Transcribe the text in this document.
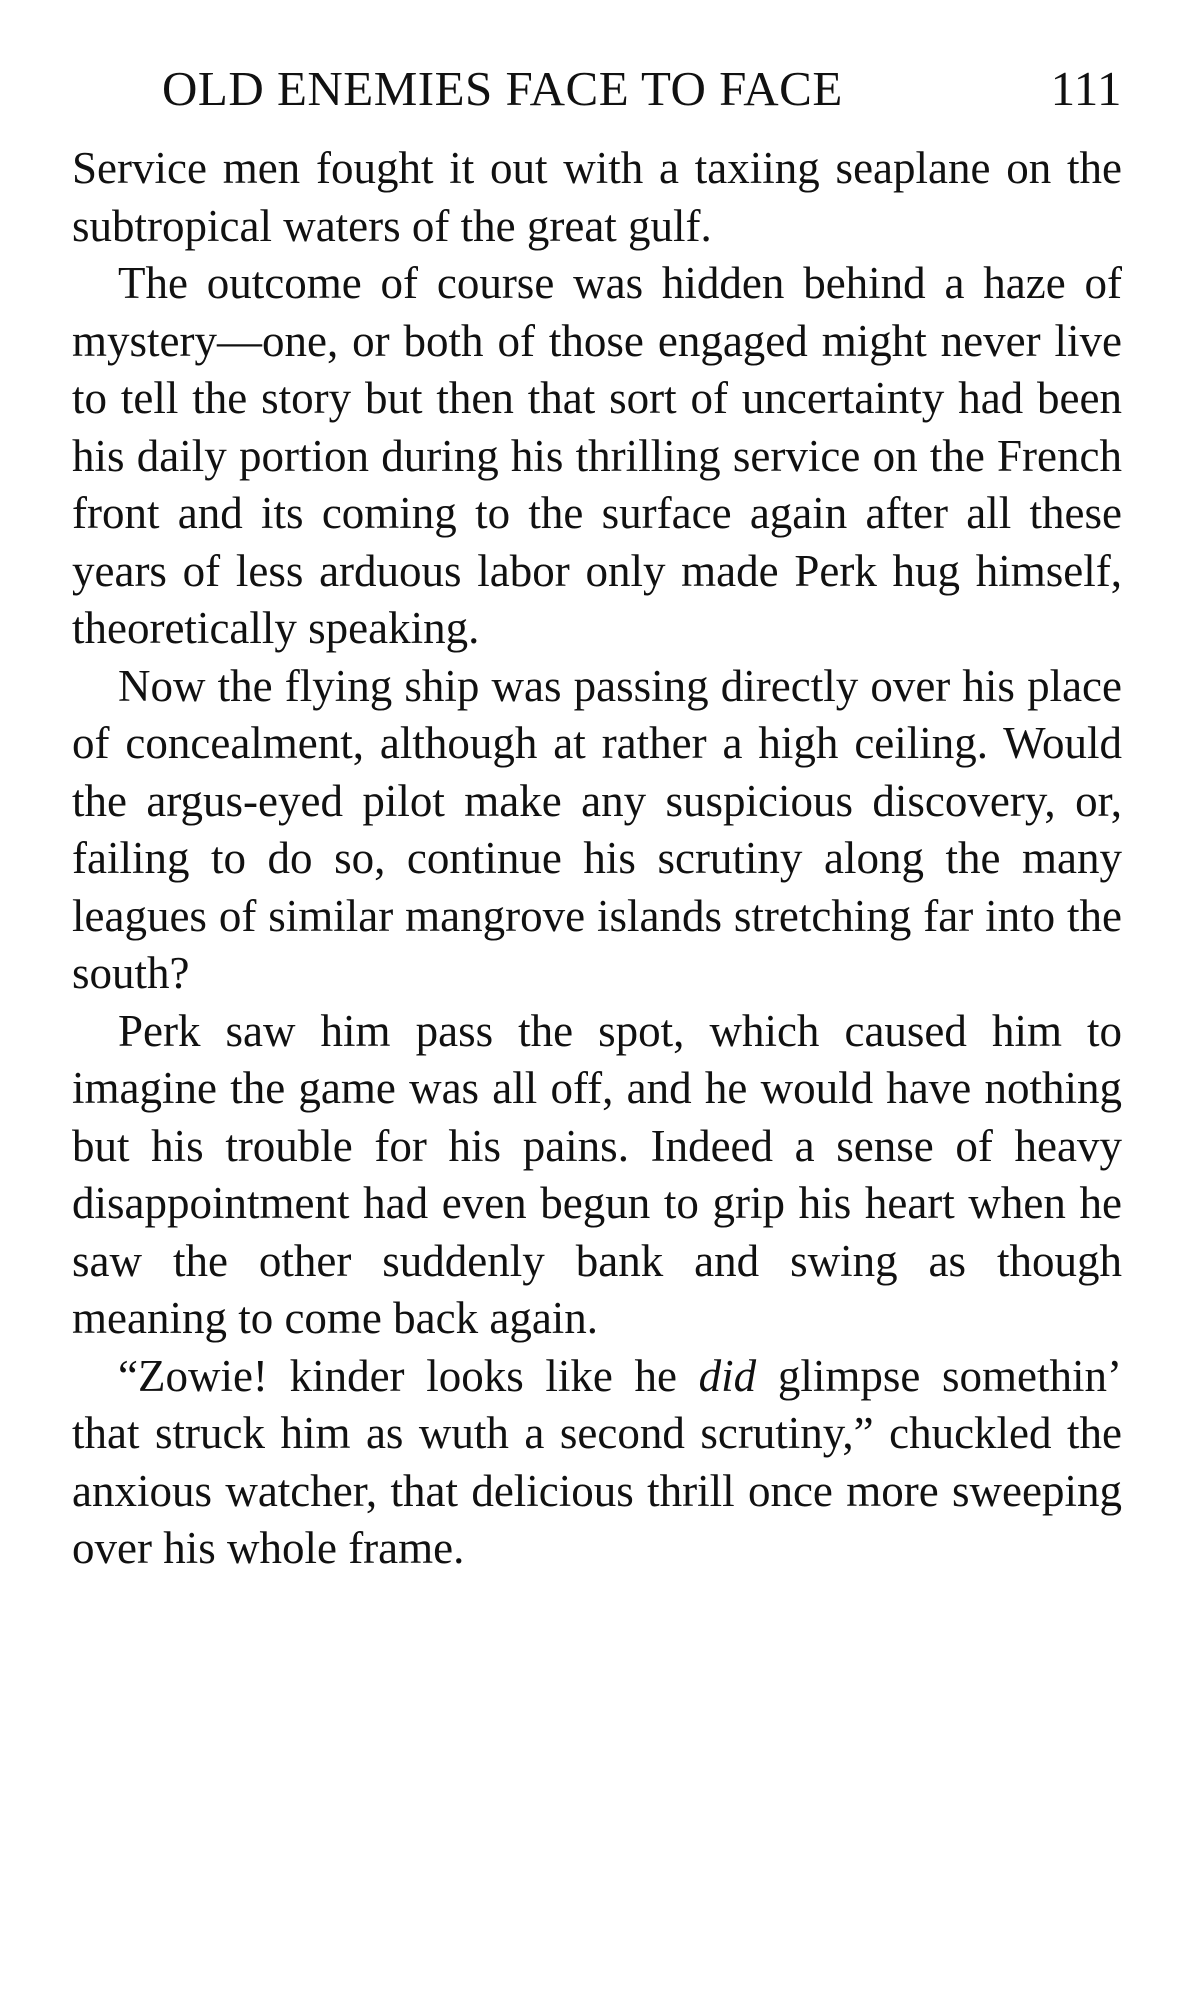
OLD ENEMIES FACE TO FACE	111

Service men fought it out with a taxiing seaplane on the subtropical waters of the great gulf.

The outcome of course was hidden behind a haze of mystery—one, or both of those engaged might never live to tell the story but then that sort of uncertainty had been his daily portion during his thrilling service on the French front and its coming to the surface again after all these years of less arduous labor only made Perk hug himself, theoretically speaking.

Now the flying ship was passing directly over his place of concealment, although at rather a high ceiling. Would the argus-eyed pilot make any suspicious discovery, or, failing to do so, continue his scrutiny along the many leagues of similar mangrove islands stretching far into the south?

Perk saw him pass the spot, which caused him to imagine the game was all off, and he would have nothing but his trouble for his pains. Indeed a sense of heavy disappointment had even begun to grip his heart when he saw the other suddenly bank and swing as though meaning to come back again.

“Zowie! kinder looks like he did glimpse somethin’ that struck him as wuth a second scrutiny,” chuckled the anxious watcher, that delicious thrill once more sweeping over his whole frame.
